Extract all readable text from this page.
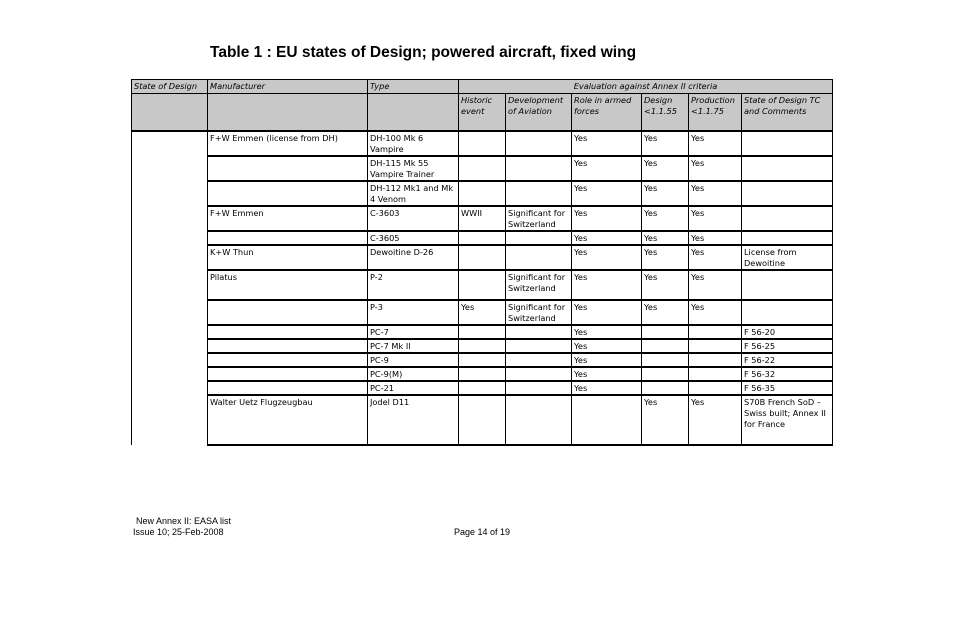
Table 1 : EU states of Design; powered aircraft, fixed wing
State of Design	Manufacturer	Type	Evaluation against Annex II criteria					
			Historic event	Development of Aviation	Role in armed forces	Design <1.1.55	Production <1.1.75	State of Design TC and Comments
	F+W Emmen (license from DH)	DH-100 Mk 6 Vampire			Yes	Yes	Yes	
		DH-115 Mk 55 Vampire Trainer			Yes	Yes	Yes	
		DH-112 Mk1 and Mk 4 Venom			Yes	Yes	Yes	
	F+W Emmen	C-3603	WWII	Significant for Switzerland	Yes	Yes	Yes	
		C-3605			Yes	Yes	Yes	
	K+W Thun	Dewoitine D-26			Yes	Yes	Yes	License from Dewoitine
	Pilatus	P-2		Significant for Switzerland	Yes	Yes	Yes	
		P-3	Yes	Significant for Switzerland	Yes	Yes	Yes	
		PC-7			Yes			F 56-20
		PC-7 Mk II			Yes			F 56-25
		PC-9			Yes			F 56-22
		PC-9(M)			Yes			F 56-32
		PC-21			Yes			F 56-35
	Walter Uetz Flugzeugbau	Jodel D11				Yes	Yes	S70B French SoD – Swiss built; Annex II for France
New Annex II: EASA list
Issue 10; 25-Feb-2008	Page 14 of 19
